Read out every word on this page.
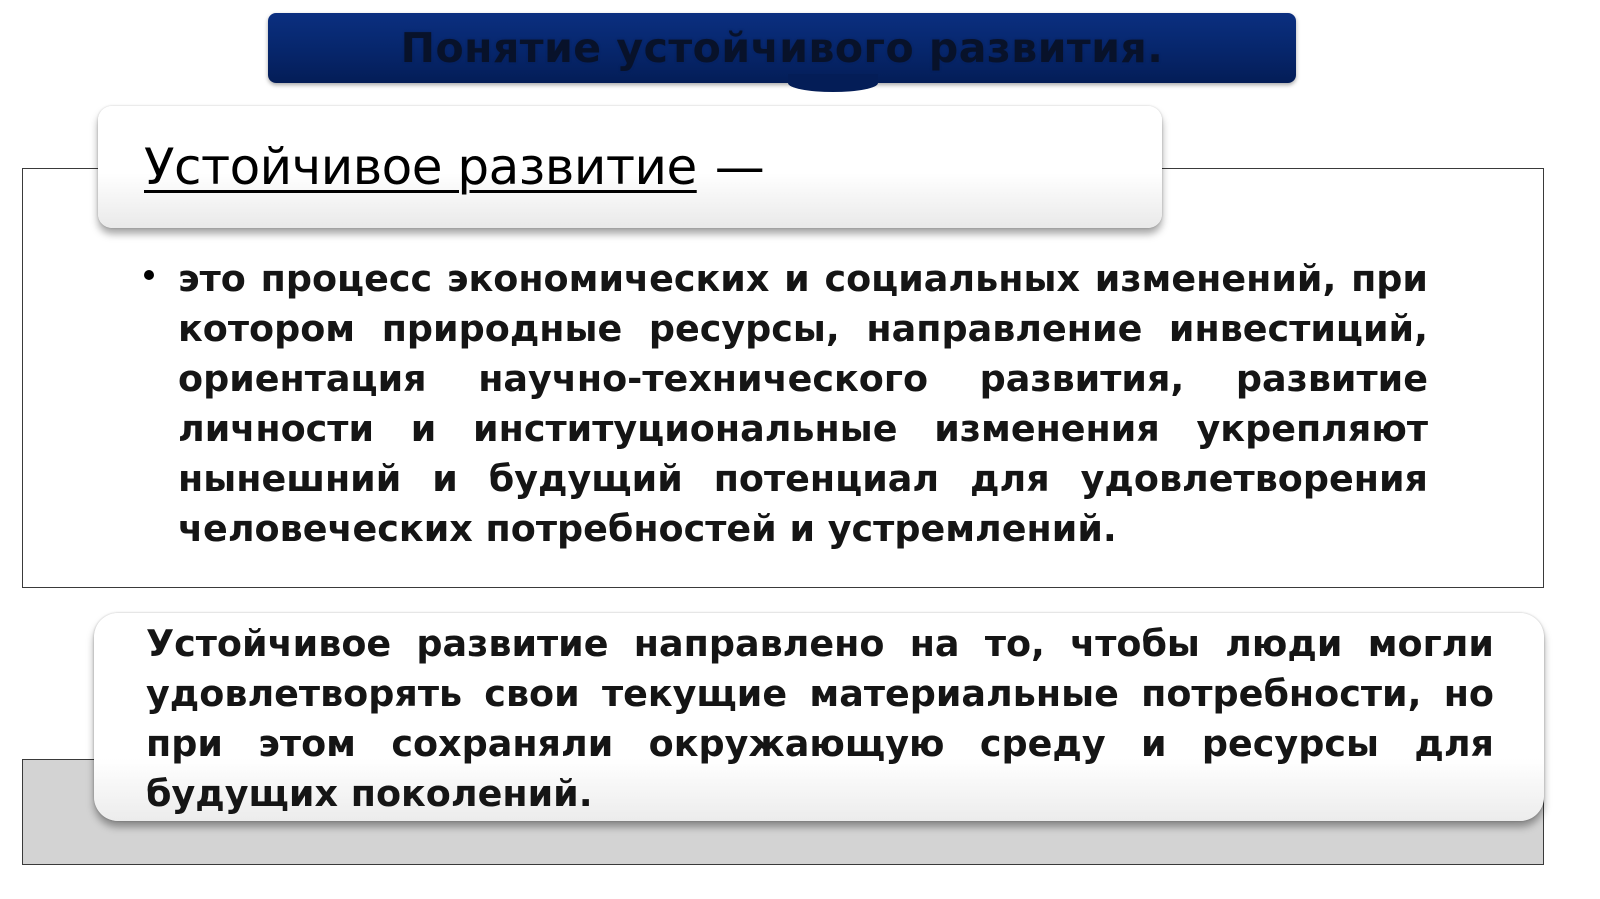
Понятие устойчивого развития.
Устойчивое развитие —
это процесс экономических и социальных изменений, при котором природные ресурсы, направление инвестиций, ориентация научно-технического развития, развитие личности и институциональные изменения укрепляют нынешний и будущий потенциал для удовлетворения человеческих потребностей и устремлений.
Устойчивое развитие направлено на то, чтобы люди могли удовлетворять свои текущие материальные потребности, но при этом сохраняли окружающую среду и ресурсы для будущих поколений.
